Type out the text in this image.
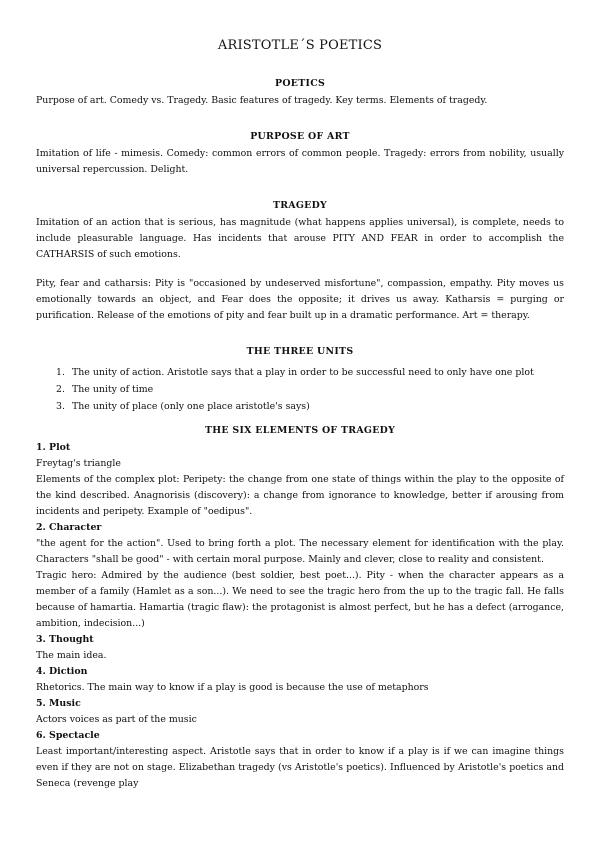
ARISTOTLE´S POETICS
POETICS

Purpose of art. Comedy vs. Tragedy. Basic features of tragedy. Key terms. Elements of tragedy.

PURPOSE OF ART

Imitation of life - mimesis. Comedy: common errors of common people. Tragedy: errors from nobility, usually universal repercussion. Delight.

TRAGEDY

Imitation of an action that is serious, has magnitude (what happens applies universal), is complete, needs to include pleasurable language. Has incidents that arouse PITY AND FEAR in order to accomplish the CATHARSIS of such emotions.

Pity, fear and catharsis: Pity is "occasioned by undeserved misfortune", compassion, empathy. Pity moves us emotionally towards an object, and Fear does the opposite; it drives us away. Katharsis = purging or purification. Release of the emotions of pity and fear built up in a dramatic performance. Art = therapy.

THE THREE UNITS
1. The unity of action. Aristotle says that a play in order to be successful need to only have one plot
2. The unity of time
3. The unity of place (only one place aristotle's says)
THE SIX ELEMENTS OF TRAGEDY
1. Plot

Freytag's triangle

Elements of the complex plot: Peripety: the change from one state of things within the play to the opposite of the kind described. Anagnorisis (discovery): a change from ignorance to knowledge, better if arousing from incidents and peripety. Example of "oedipus".

2. Character

"the agent for the action". Used to bring forth a plot. The necessary element for identification with the play. Characters "shall be good" - with certain moral purpose. Mainly and clever, close to reality and consistent.

Tragic hero: Admired by the audience (best soldier, best poet...). Pity - when the character appears as a member of a family (Hamlet as a son...). We need to see the tragic hero from the up to the tragic fall. He falls because of hamartia. Hamartia (tragic flaw): the protagonist is almost perfect, but he has a defect (arrogance, ambition, indecision...)

3. Thought

The main idea.

4. Diction

Rhetorics. The main way to know if a play is good is because the use of metaphors

5. Music

Actors voices as part of the music

6. Spectacle

Least important/interesting aspect. Aristotle says that in order to know if a play is if we can imagine things even if they are not on stage. Elizabethan tragedy (vs Aristotle's poetics). Influenced by Aristotle's poetics and Seneca (revenge play
